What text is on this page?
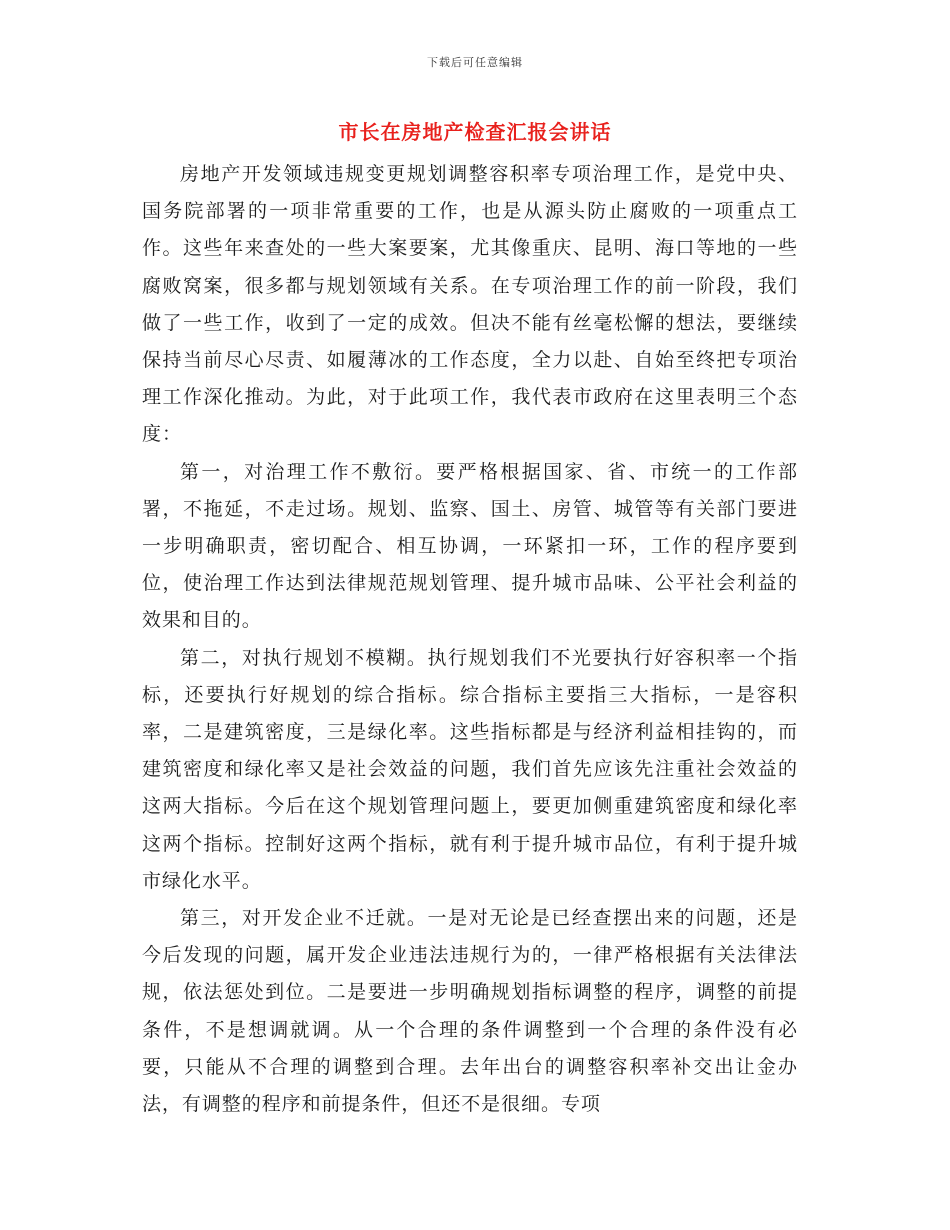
下载后可任意编辑
市长在房地产检查汇报会讲话

房地产开发领域违规变更规划调整容积率专项治理工作，是党中央、国务院部署的一项非常重要的工作，也是从源头防止腐败的一项重点工作。这些年来查处的一些大案要案，尤其像重庆、昆明、海口等地的一些腐败窝案，很多都与规划领域有关系。在专项治理工作的前一阶段，我们做了一些工作，收到了一定的成效。但决不能有丝毫松懈的想法，要继续保持当前尽心尽责、如履薄冰的工作态度，全力以赴、自始至终把专项治理工作深化推动。为此，对于此项工作，我代表市政府在这里表明三个态度：

第一，对治理工作不敷衍。要严格根据国家、省、市统一的工作部署，不拖延，不走过场。规划、监察、国土、房管、城管等有关部门要进一步明确职责，密切配合、相互协调，一环紧扣一环，工作的程序要到位，使治理工作达到法律规范规划管理、提升城市品味、公平社会利益的效果和目的。

第二，对执行规划不模糊。执行规划我们不光要执行好容积率一个指标，还要执行好规划的综合指标。综合指标主要指三大指标，一是容积率，二是建筑密度，三是绿化率。这些指标都是与经济利益相挂钩的，而建筑密度和绿化率又是社会效益的问题，我们首先应该先注重社会效益的这两大指标。今后在这个规划管理问题上，要更加侧重建筑密度和绿化率这两个指标。控制好这两个指标，就有利于提升城市品位，有利于提升城市绿化水平。

第三，对开发企业不迁就。一是对无论是已经查摆出来的问题，还是今后发现的问题，属开发企业违法违规行为的，一律严格根据有关法律法规，依法惩处到位。二是要进一步明确规划指标调整的程序，调整的前提条件，不是想调就调。从一个合理的条件调整到一个合理的条件没有必要，只能从不合理的调整到合理。去年出台的调整容积率补交出让金办法，有调整的程序和前提条件，但还不是很细。专项
